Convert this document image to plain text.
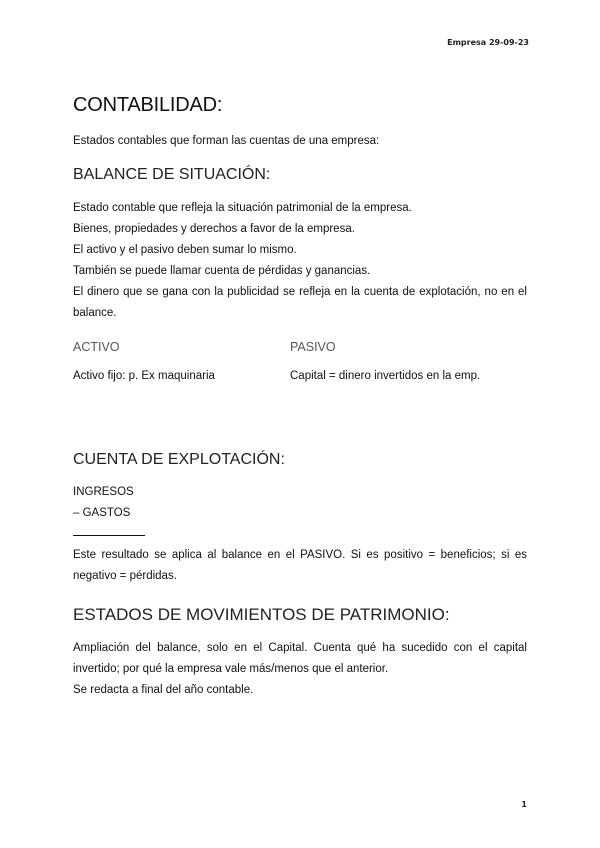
Empresa 29-09-23
CONTABILIDAD:

Estados contables que forman las cuentas de una empresa:

BALANCE DE SITUACIÓN:

Estado contable que refleja la situación patrimonial de la empresa.

Bienes, propiedades y derechos a favor de la empresa.

El activo y el pasivo deben sumar lo mismo.

También se puede llamar cuenta de pérdidas y ganancias.

El dinero que se gana con la publicidad se refleja en la cuenta de explotación, no en el balance.

ACTIVO

Activo fijo: p. Ex maquinaria

PASIVO

Capital = dinero invertidos en la emp.

CUENTA DE EXPLOTACIÓN:

INGRESOS

– GASTOS

Este resultado se aplica al balance en el PASIVO. Si es positivo = beneficios; si es negativo = pérdidas.

ESTADOS DE MOVIMIENTOS DE PATRIMONIO:

Ampliación del balance, solo en el Capital. Cuenta qué ha sucedido con el capital invertido; por qué la empresa vale más/menos que el anterior.

Se redacta a final del año contable.

1
